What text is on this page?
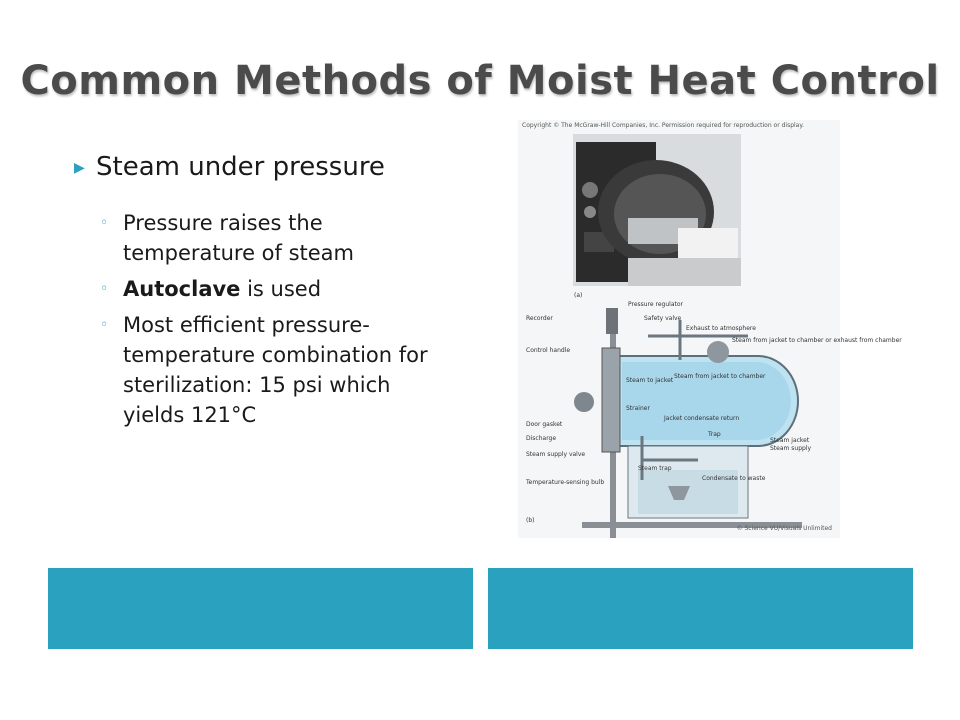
Common Methods of Moist Heat Control
▶ Steam under pressure
◦ Pressure raises the temperature of steam
◦ Autoclave is used
◦ Most efficient pressure-temperature combination for sterilization: 15 psi which yields 121°C
Copyright © The McGraw-Hill Companies, Inc. Permission required for reproduction or display.
(a)
(b)
Pressure regulator
Safety valve
Recorder
Exhaust to atmosphere
Control handle
Steam from jacket to chamber or exhaust from chamber
Steam to jacket
Steam from jacket to chamber
Strainer
Door gasket
Jacket condensate return
Discharge
Trap
Steam jacket
Steam supply
Steam supply valve
Steam trap
Temperature-sensing bulb
Condensate to waste
© Science VU/Visuals Unlimited
